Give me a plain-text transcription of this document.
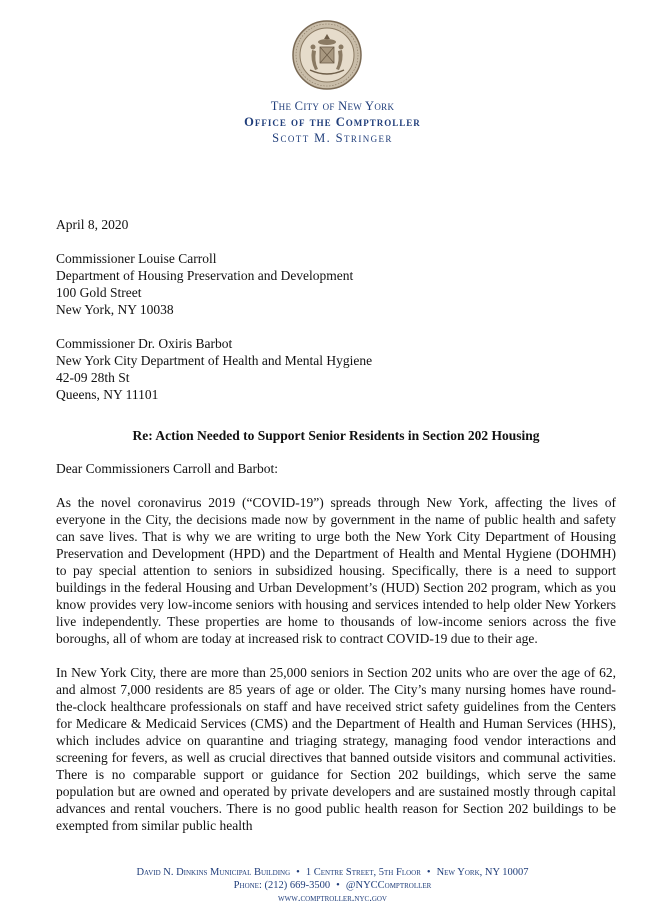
The City of New York
Office of the Comptroller
Scott M. Stringer
April 8, 2020
Commissioner Louise Carroll
Department of Housing Preservation and Development
100 Gold Street
New York, NY 10038
Commissioner Dr. Oxiris Barbot
New York City Department of Health and Mental Hygiene
42-09 28th St
Queens, NY 11101
Re: Action Needed to Support Senior Residents in Section 202 Housing
Dear Commissioners Carroll and Barbot:

As the novel coronavirus 2019 (“COVID-19”) spreads through New York, affecting the lives of everyone in the City, the decisions made now by government in the name of public health and safety can save lives. That is why we are writing to urge both the New York City Department of Housing Preservation and Development (HPD) and the Department of Health and Mental Hygiene (DOHMH) to pay special attention to seniors in subsidized housing. Specifically, there is a need to support buildings in the federal Housing and Urban Development’s (HUD) Section 202 program, which as you know provides very low-income seniors with housing and services intended to help older New Yorkers live independently. These properties are home to thousands of low-income seniors across the five boroughs, all of whom are today at increased risk to contract COVID-19 due to their age.

In New York City, there are more than 25,000 seniors in Section 202 units who are over the age of 62, and almost 7,000 residents are 85 years of age or older. The City’s many nursing homes have round-the-clock healthcare professionals on staff and have received strict safety guidelines from the Centers for Medicare & Medicaid Services (CMS) and the Department of Health and Human Services (HHS), which includes advice on quarantine and triaging strategy, managing food vendor interactions and screening for fevers, as well as crucial directives that banned outside visitors and communal activities. There is no comparable support or guidance for Section 202 buildings, which serve the same population but are owned and operated by private developers and are sustained mostly through capital advances and rental vouchers. There is no good public health reason for Section 202 buildings to be exempted from similar public health

David N. Dinkins Municipal Building • 1 Centre Street, 5th Floor • New York, NY 10007
Phone: (212) 669-3500 • @NYCComptroller
www.comptroller.nyc.gov
